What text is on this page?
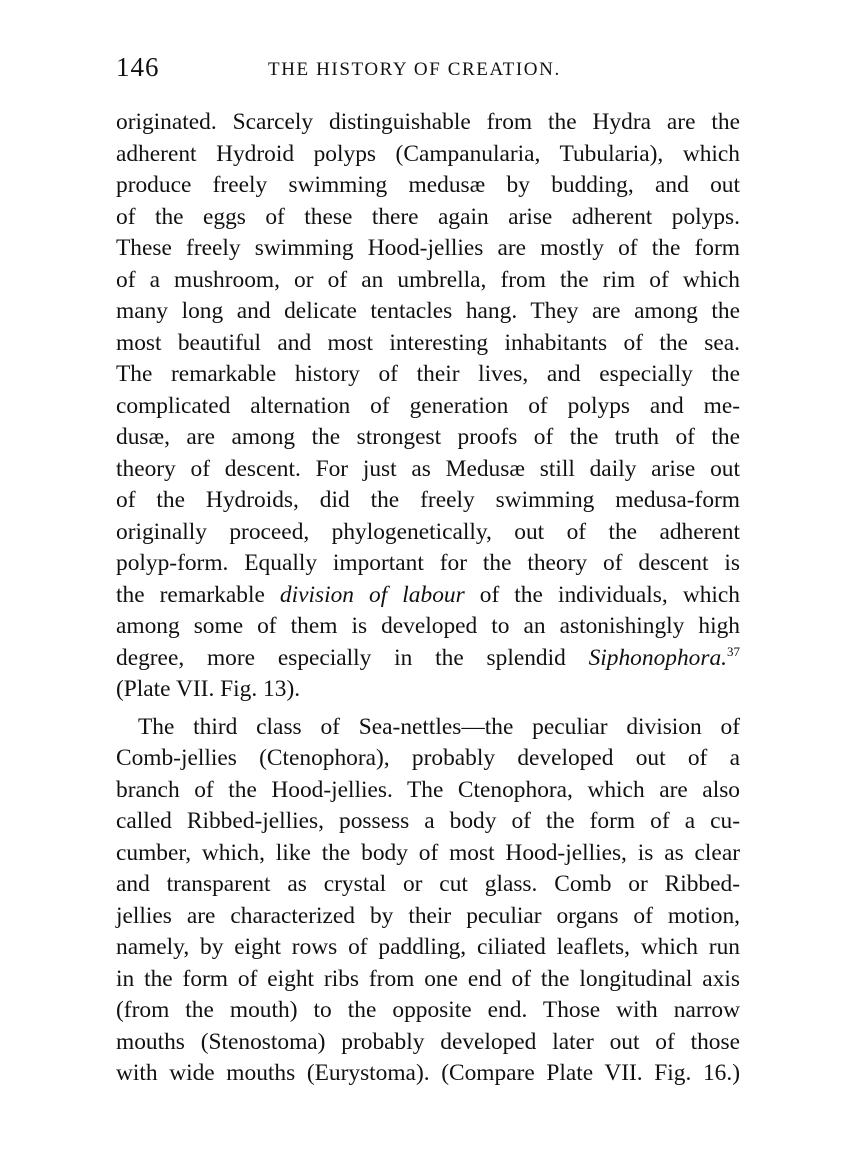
146	THE HISTORY OF CREATION.
originated. Scarcely distinguishable from the Hydra are the
adherent Hydroid polyps (Campanularia, Tubularia), which
produce freely swimming medusæ by budding, and out
of the eggs of these there again arise adherent polyps.
These freely swimming Hood-jellies are mostly of the form
of a mushroom, or of an umbrella, from the rim of which
many long and delicate tentacles hang. They are among the
most beautiful and most interesting inhabitants of the sea.
The remarkable history of their lives, and especially the
complicated alternation of generation of polyps and me-
dusæ, are among the strongest proofs of the truth of the
theory of descent. For just as Medusæ still daily arise out
of the Hydroids, did the freely swimming medusa-form
originally proceed, phylogenetically, out of the adherent
polyp-form. Equally important for the theory of descent is
the remarkable division of labour of the individuals, which
among some of them is developed to an astonishingly high
degree, more especially in the splendid Siphonophora.$^{37}$
(Plate VII. Fig. 13).
The third class of Sea-nettles—the peculiar division of
Comb-jellies (Ctenophora), probably developed out of a
branch of the Hood-jellies. The Ctenophora, which are also
called Ribbed-jellies, possess a body of the form of a cu-
cumber, which, like the body of most Hood-jellies, is as clear
and transparent as crystal or cut glass. Comb or Ribbed-
jellies are characterized by their peculiar organs of motion,
namely, by eight rows of paddling, ciliated leaflets, which run
in the form of eight ribs from one end of the longitudinal axis
(from the mouth) to the opposite end. Those with narrow
mouths (Stenostoma) probably developed later out of those
with wide mouths (Eurystoma). (Compare Plate VII. Fig. 16.)
